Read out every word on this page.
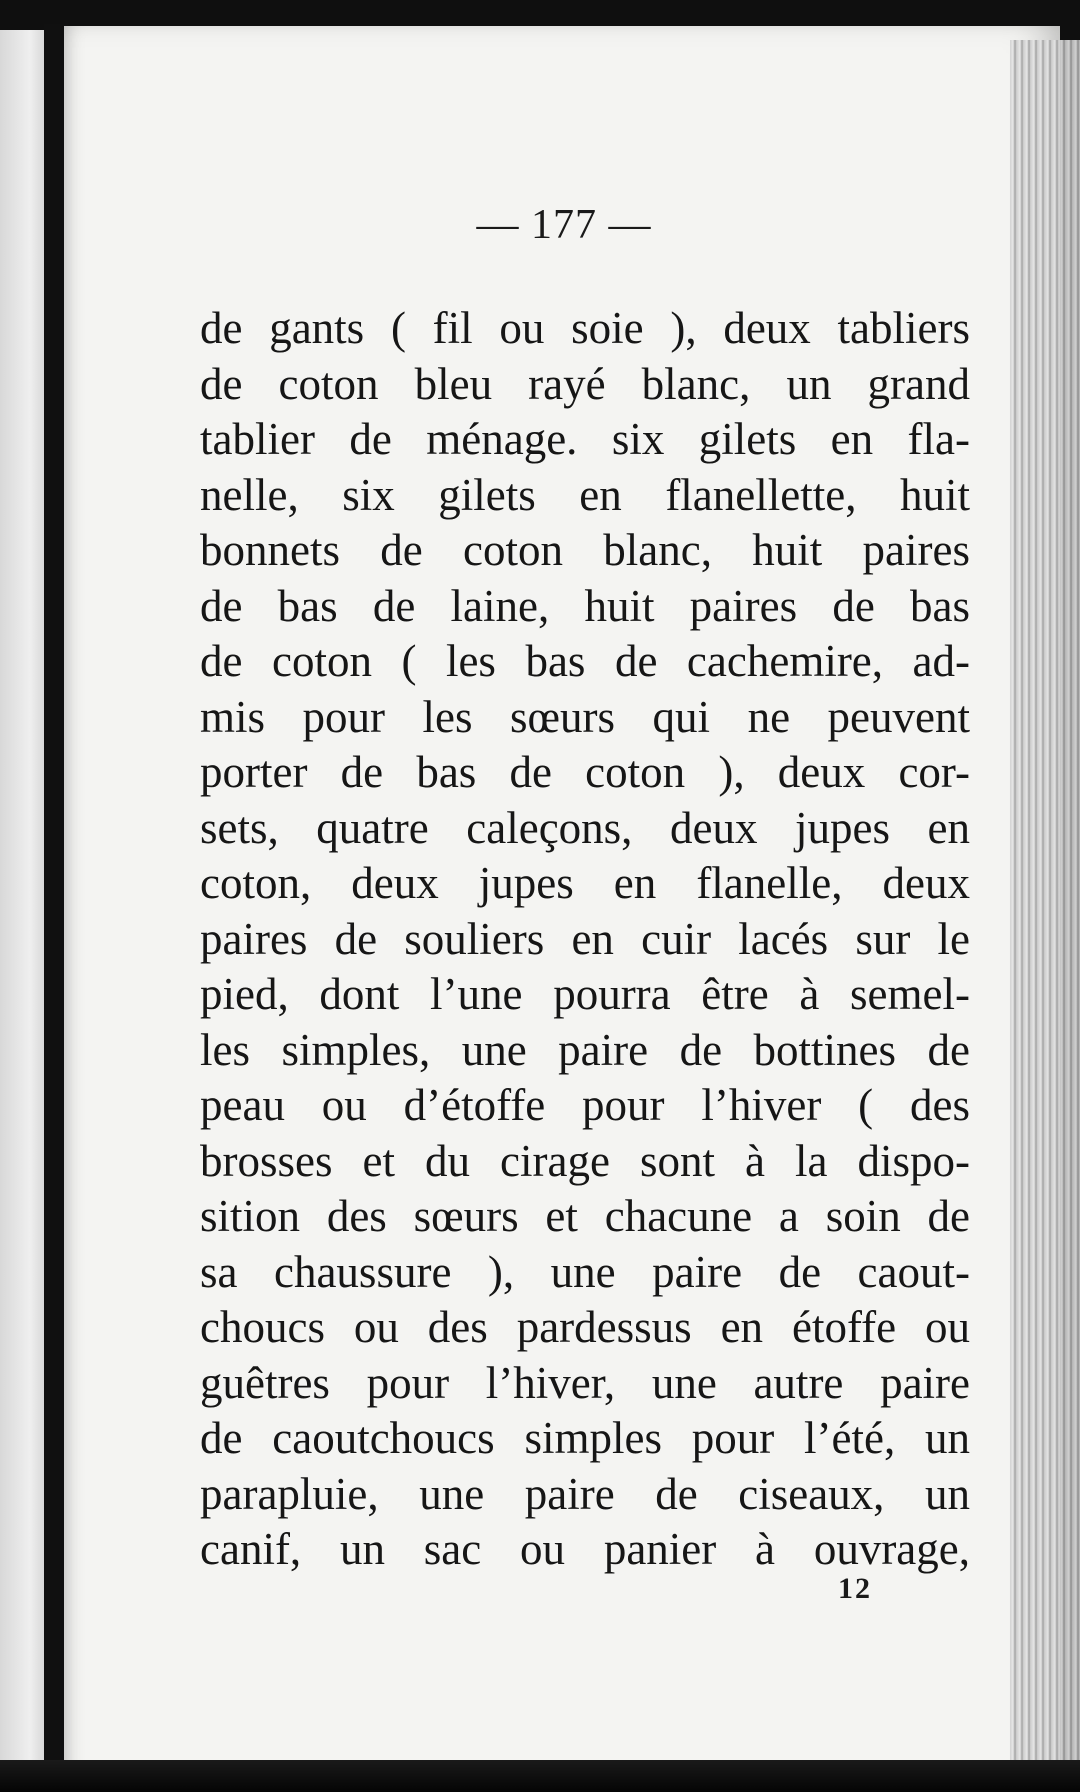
— 177 —
de gants ( fil ou soie ), deux tabliers
de coton bleu rayé blanc, un grand
tablier de ménage. six gilets en fla-
nelle, six gilets en flanellette, huit
bonnets de coton blanc, huit paires
de bas de laine, huit paires de bas
de coton ( les bas de cachemire, ad-
mis pour les sœurs qui ne peuvent
porter de bas de coton ), deux cor-
sets, quatre caleçons, deux jupes en
coton, deux jupes en flanelle, deux
paires de souliers en cuir lacés sur le
pied, dont l’une pourra être à semel-
les simples, une paire de bottines de
peau ou d’étoffe pour l’hiver ( des
brosses et du cirage sont à la dispo-
sition des sœurs et chacune a soin de
sa chaussure ), une paire de caout-
choucs ou des pardessus en étoffe ou
guêtres pour l’hiver, une autre paire
de caoutchoucs simples pour l’été, un
parapluie, une paire de ciseaux, un
canif, un sac ou panier à ouvrage,
12
